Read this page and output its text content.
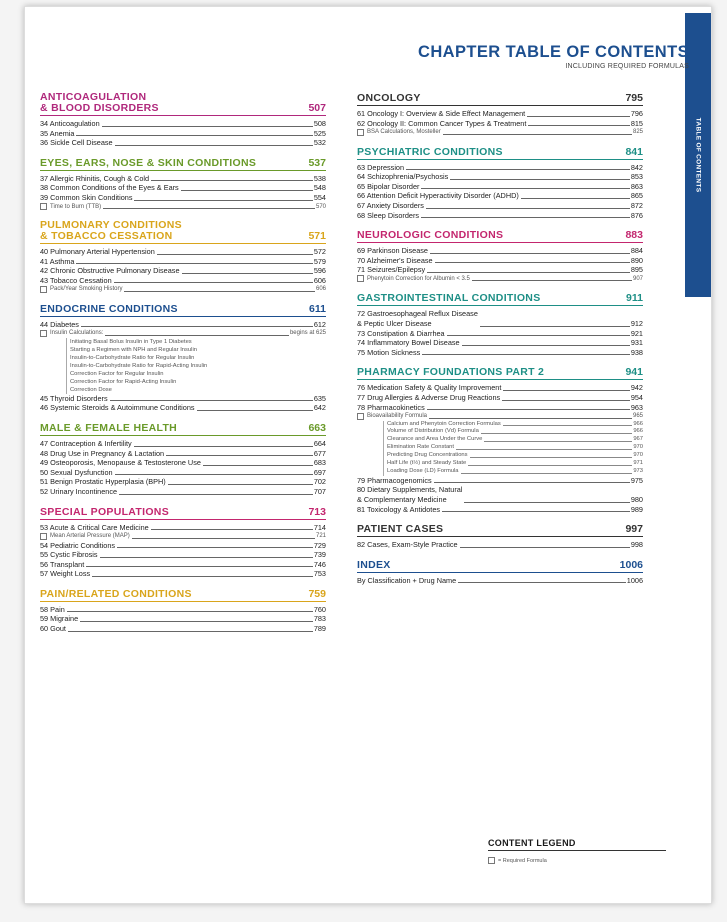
TABLE OF CONTENTS
CHAPTER TABLE OF CONTENTS
INCLUDING REQUIRED FORMULAS
ANTICOAGULATION
& BLOOD DISORDERS	507
34 Anticoagulation	508
35 Anemia	525
36 Sickle Cell Disease	532
EYES, EARS, NOSE & SKIN CONDITIONS	537
37 Allergic Rhinitis, Cough & Cold	538
38 Common Conditions of the Eyes & Ears	548
39 Common Skin Conditions	554
Time to Burn (TTB)	570
PULMONARY CONDITIONS
& TOBACCO CESSATION	571
40 Pulmonary Arterial Hypertension	572
41 Asthma	579
42 Chronic Obstructive Pulmonary Disease	596
43 Tobacco Cessation	606
Pack/Year Smoking History	606
ENDOCRINE CONDITIONS	611
44 Diabetes	612
Insulin Calculations:	begins at 625
Initiating Basal Bolus Insulin in Type 1 Diabetes
Starting a Regimen with NPH and Regular Insulin
Insulin-to-Carbohydrate Ratio for Regular Insulin
Insulin-to-Carbohydrate Ratio for Rapid-Acting Insulin
Correction Factor for Regular Insulin
Correction Factor for Rapid-Acting Insulin
Correction Dose
45 Thyroid Disorders	635
46 Systemic Steroids & Autoimmune Conditions	642
MALE & FEMALE HEALTH	663
47 Contraception & Infertility	664
48 Drug Use in Pregnancy & Lactation	677
49 Osteoporosis, Menopause & Testosterone Use	683
50 Sexual Dysfunction	697
51 Benign Prostatic Hyperplasia (BPH)	702
52 Urinary Incontinence	707
SPECIAL POPULATIONS	713
53 Acute & Critical Care Medicine	714
Mean Arterial Pressure (MAP)	721
54 Pediatric Conditions	729
55 Cystic Fibrosis	739
56 Transplant	746
57 Weight Loss	753
PAIN/RELATED CONDITIONS	759
58 Pain	760
59 Migraine	783
60 Gout	789
ONCOLOGY	795
61 Oncology I: Overview & Side Effect Management	796
62 Oncology II: Common Cancer Types & Treatment	815
BSA Calculations, Mosteller	825
PSYCHIATRIC CONDITIONS	841
63 Depression	842
64 Schizophrenia/Psychosis	853
65 Bipolar Disorder	863
66 Attention Deficit Hyperactivity Disorder (ADHD)	865
67 Anxiety Disorders	872
68 Sleep Disorders	876
NEUROLOGIC CONDITIONS	883
69 Parkinson Disease	884
70 Alzheimer's Disease	890
71 Seizures/Epilepsy	895
Phenytoin Correction for Albumin < 3.5	907
GASTROINTESTINAL CONDITIONS	911
72 Gastroesophageal Reflux Disease
& Peptic Ulcer Disease	912
73 Constipation & Diarrhea	921
74 Inflammatory Bowel Disease	931
75 Motion Sickness	938
PHARMACY FOUNDATIONS PART 2	941
76 Medication Safety & Quality Improvement	942
77 Drug Allergies & Adverse Drug Reactions	954
78 Pharmacokinetics	963
Bioavailability Formula	965
Calcium and Phenytoin Correction Formulas	966
Volume of Distribution (Vd) Formula	966
Clearance and Area Under the Curve	967
Elimination Rate Constant	970
Predicting Drug Concentrations	970
Half Life (t½) and Steady State	971
Loading Dose (LD) Formula	973
79 Pharmacogenomics	975
80 Dietary Supplements, Natural
& Complementary Medicine	980
81 Toxicology & Antidotes	989
PATIENT CASES	997
82 Cases, Exam-Style Practice	998
INDEX	1006
By Classification + Drug Name	1006
CONTENT LEGEND
= Required Formula
